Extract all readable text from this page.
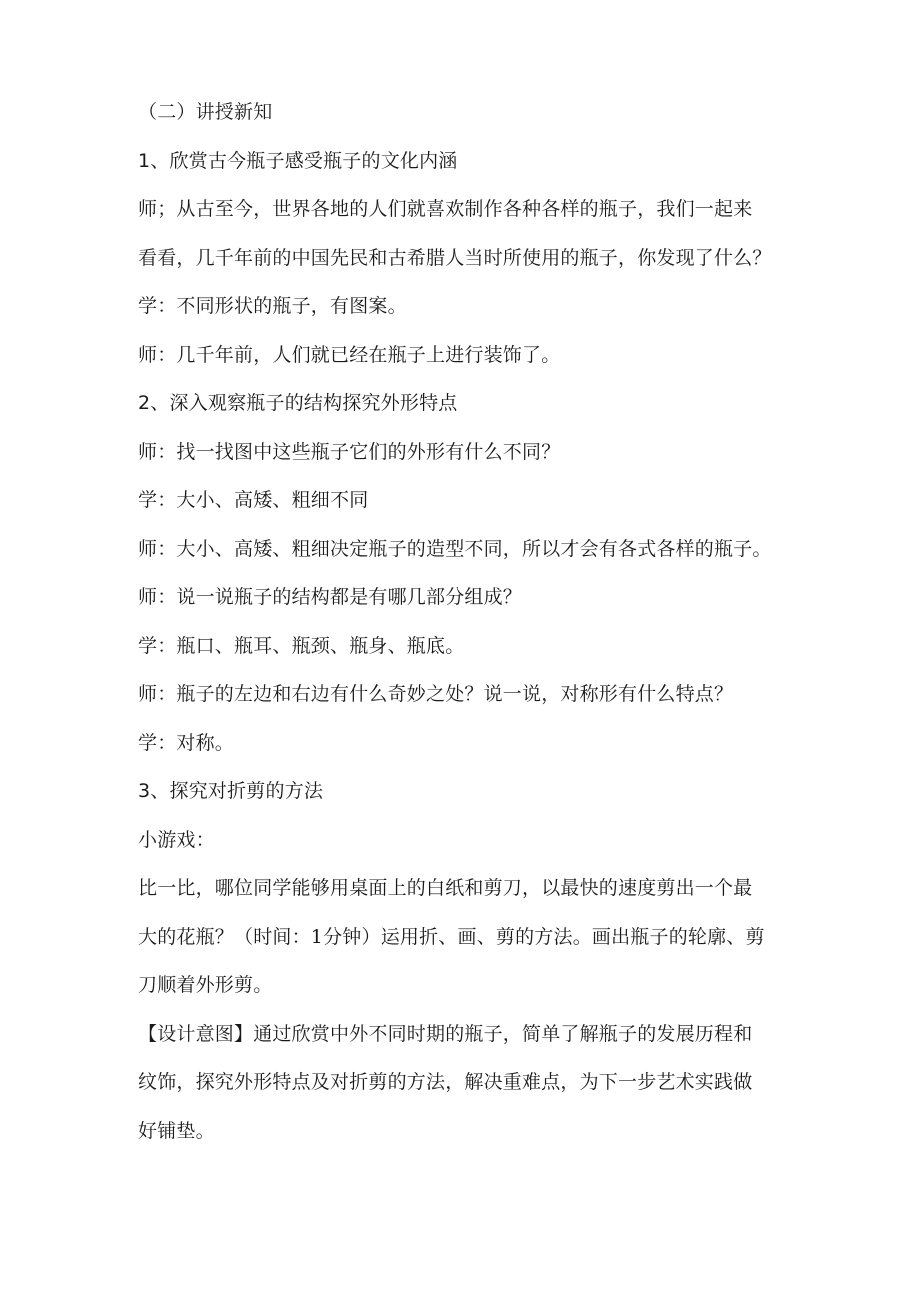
（二）讲授新知
1、欣赏古今瓶子感受瓶子的文化内涵
师；从古至今，世界各地的人们就喜欢制作各种各样的瓶子，我们一起来
看看，几千年前的中国先民和古希腊人当时所使用的瓶子，你发现了什么？
学：不同形状的瓶子，有图案。
师：几千年前，人们就已经在瓶子上进行装饰了。
2、深入观察瓶子的结构探究外形特点
师：找一找图中这些瓶子它们的外形有什么不同？
学：大小、高矮、粗细不同
师：大小、高矮、粗细决定瓶子的造型不同，所以才会有各式各样的瓶子。
师：说一说瓶子的结构都是有哪几部分组成？
学：瓶口、瓶耳、瓶颈、瓶身、瓶底。
师：瓶子的左边和右边有什么奇妙之处？说一说，对称形有什么特点？
学：对称。
3、探究对折剪的方法
小游戏：
比一比，哪位同学能够用桌面上的白纸和剪刀，以最快的速度剪出一个最
大的花瓶？（时间：1分钟）运用折、画、剪的方法。画出瓶子的轮廓、剪
刀顺着外形剪。
【设计意图】通过欣赏中外不同时期的瓶子，简单了解瓶子的发展历程和
纹饰，探究外形特点及对折剪的方法，解决重难点，为下一步艺术实践做
好铺垫。
